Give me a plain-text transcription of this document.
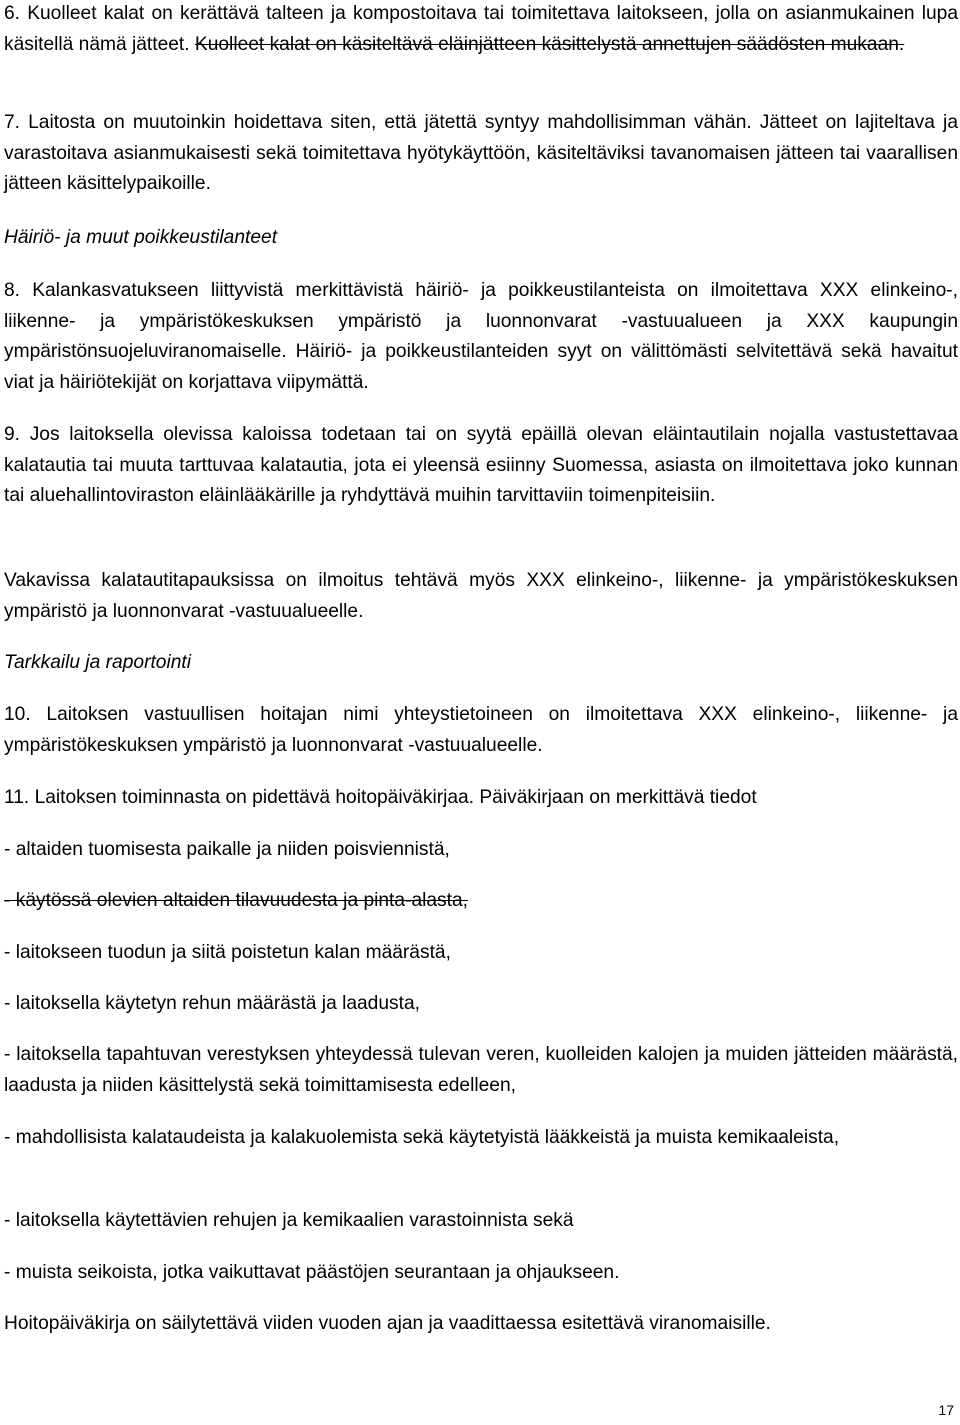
6. Kuolleet kalat on kerättävä talteen ja kompostoitava tai toimitettava laitokseen, jolla on asianmukainen lupa käsitellä nämä jätteet. Kuolleet kalat on käsiteltävä eläinjätteen käsittelystä annettujen säädösten mukaan.

7. Laitosta on muutoinkin hoidettava siten, että jätettä syntyy mahdollisimman vähän. Jätteet on lajiteltava ja varastoitava asianmukaisesti sekä toimitettava hyötykäyttöön, käsiteltäviksi tavanomaisen jätteen tai vaarallisen jätteen käsittelypaikoille.

Häiriö- ja muut poikkeustilanteet

8. Kalankasvatukseen liittyvistä merkittävistä häiriö- ja poikkeustilanteista on ilmoitettava XXX elinkeino-, liikenne- ja ympäristökeskuksen ympäristö ja luonnonvarat -vastuualueen ja XXX kaupungin ympäristönsuojeluviranomaiselle. Häiriö- ja poikkeustilanteiden syyt on välittömästi selvitettävä sekä havaitut viat ja häiriötekijät on korjattava viipymättä.

9. Jos laitoksella olevissa kaloissa todetaan tai on syytä epäillä olevan eläintautilain nojalla vastustettavaa kalatautia tai muuta tarttuvaa kalatautia, jota ei yleensä esiinny Suomessa, asiasta on ilmoitettava joko kunnan tai aluehallintoviraston eläinlääkärille ja ryhdyttävä muihin tarvittaviin toimenpiteisiin.

Vakavissa kalatautitapauksissa on ilmoitus tehtävä myös XXX elinkeino-, liikenne- ja ympäristökeskuksen ympäristö ja luonnonvarat -vastuualueelle.

Tarkkailu ja raportointi

10. Laitoksen vastuullisen hoitajan nimi yhteystietoineen on ilmoitettava XXX elinkeino-, liikenne- ja ympäristökeskuksen ympäristö ja luonnonvarat -vastuualueelle.

11. Laitoksen toiminnasta on pidettävä hoitopäiväkirjaa. Päiväkirjaan on merkittävä tiedot

- altaiden tuomisesta paikalle ja niiden poisviennistä,

- käytössä olevien altaiden tilavuudesta ja pinta-alasta,

- laitokseen tuodun ja siitä poistetun kalan määrästä,

- laitoksella käytetyn rehun määrästä ja laadusta,

- laitoksella tapahtuvan verestyksen yhteydessä tulevan veren, kuolleiden kalojen ja muiden jätteiden määrästä, laadusta ja niiden käsittelystä sekä toimittamisesta edelleen,

- mahdollisista kalataudeista ja kalakuolemista sekä käytetyistä lääkkeistä ja muista kemikaaleista,

- laitoksella käytettävien rehujen ja kemikaalien varastoinnista sekä

- muista seikoista, jotka vaikuttavat päästöjen seurantaan ja ohjaukseen.

Hoitopäiväkirja on säilytettävä viiden vuoden ajan ja vaadittaessa esitettävä viranomaisille.

17
